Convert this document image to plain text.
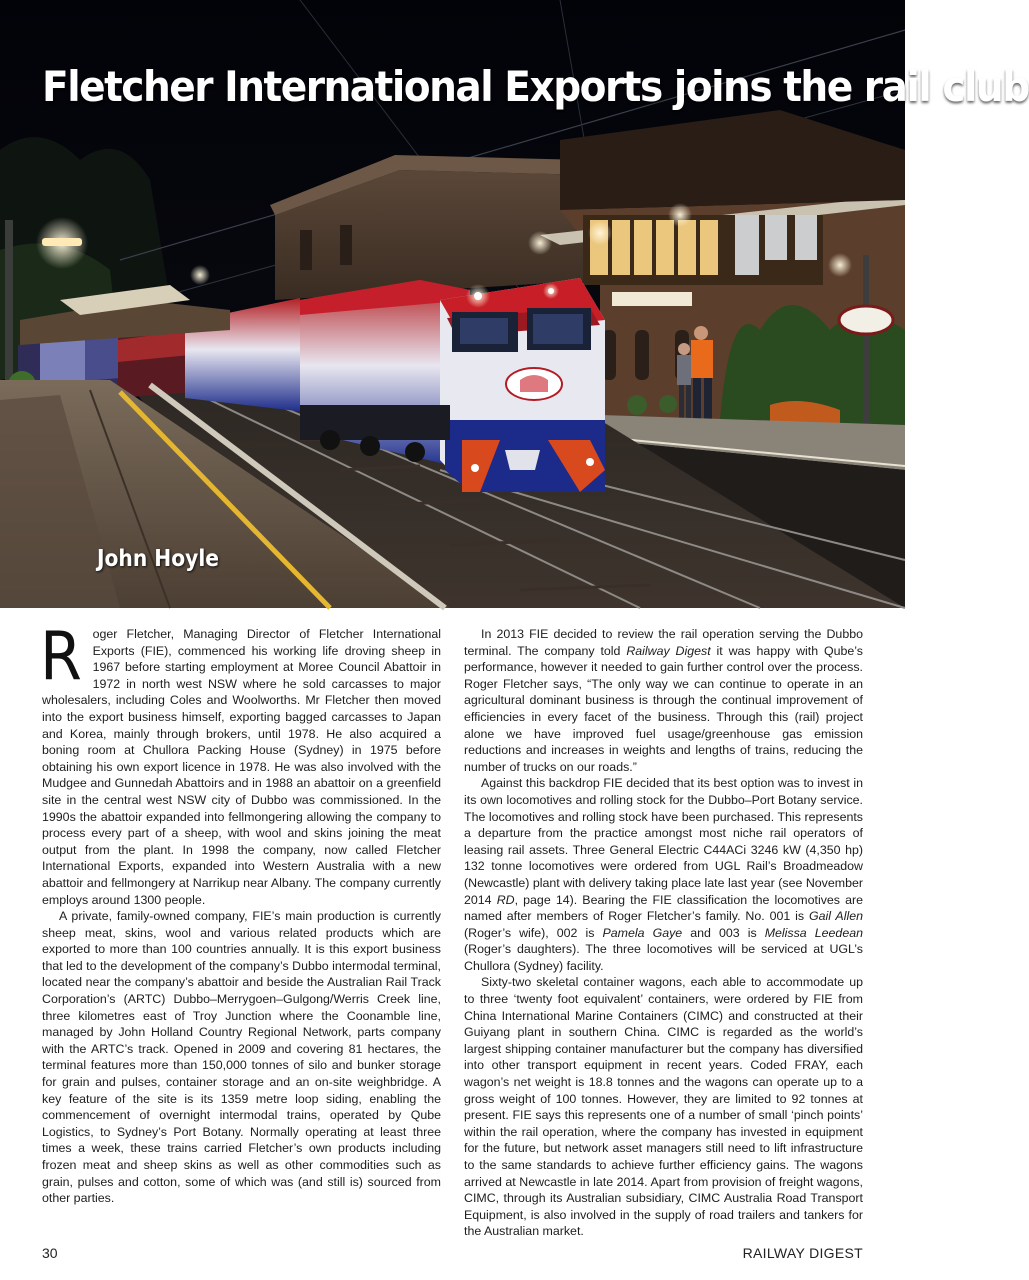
Fletcher International Exports joins the rail club
John Hoyle

Roger Fletcher, Managing Director of Fletcher International Exports (FIE), commenced his working life droving sheep in 1967 before starting employment at Moree Council Abattoir in 1972 in north west NSW where he sold carcasses to major wholesalers, including Coles and Woolworths. Mr Fletcher then moved into the export business himself, exporting bagged carcasses to Japan and Korea, mainly through brokers, until 1978. He also acquired a boning room at Chullora Packing House (Sydney) in 1975 before obtaining his own export licence in 1978. He was also involved with the Mudgee and Gunnedah Abattoirs and in 1988 an abattoir on a greenfield site in the central west NSW city of Dubbo was commissioned. In the 1990s the abattoir expanded into fellmongering allowing the company to process every part of a sheep, with wool and skins joining the meat output from the plant. In 1998 the company, now called Fletcher International Exports, expanded into Western Australia with a new abattoir and fellmongery at Narrikup near Albany. The company currently employs around 1300 people.

A private, family-owned company, FIE’s main production is currently sheep meat, skins, wool and various related products which are exported to more than 100 countries annually. It is this export business that led to the development of the company’s Dubbo intermodal terminal, located near the company’s abattoir and beside the Australian Rail Track Corporation’s (ARTC) Dubbo–Merrygoen–Gulgong/Werris Creek line, three kilometres east of Troy Junction where the Coonamble line, managed by John Holland Country Regional Network, parts company with the ARTC’s track. Opened in 2009 and covering 81 hectares, the terminal features more than 150,000 tonnes of silo and bunker storage for grain and pulses, container storage and an on-site weighbridge. A key feature of the site is its 1359 metre loop siding, enabling the commencement of overnight intermodal trains, operated by Qube Logistics, to Sydney’s Port Botany. Normally operating at least three times a week, these trains carried Fletcher’s own products including frozen meat and sheep skins as well as other commodities such as grain, pulses and cotton, some of which was (and still is) sourced from other parties.

In 2013 FIE decided to review the rail operation serving the Dubbo terminal. The company told Railway Digest it was happy with Qube’s performance, however it needed to gain further control over the process. Roger Fletcher says, “The only way we can continue to operate in an agricultural dominant business is through the continual improvement of efficiencies in every facet of the business. Through this (rail) project alone we have improved fuel usage/greenhouse gas emission reductions and increases in weights and lengths of trains, reducing the number of trucks on our roads.”

Against this backdrop FIE decided that its best option was to invest in its own locomotives and rolling stock for the Dubbo–Port Botany service. The locomotives and rolling stock have been purchased. This represents a departure from the practice amongst most niche rail operators of leasing rail assets. Three General Electric C44ACi 3246 kW (4,350 hp) 132 tonne locomotives were ordered from UGL Rail’s Broadmeadow (Newcastle) plant with delivery taking place late last year (see November 2014 RD, page 14). Bearing the FIE classification the locomotives are named after members of Roger Fletcher’s family. No. 001 is Gail Allen (Roger’s wife), 002 is Pamela Gaye and 003 is Melissa Leedean (Roger’s daughters). The three locomotives will be serviced at UGL’s Chullora (Sydney) facility.

Sixty-two skeletal container wagons, each able to accommodate up to three ‘twenty foot equivalent’ containers, were ordered by FIE from China International Marine Containers (CIMC) and constructed at their Guiyang plant in southern China. CIMC is regarded as the world’s largest shipping container manufacturer but the company has diversified into other transport equipment in recent years. Coded FRAY, each wagon’s net weight is 18.8 tonnes and the wagons can operate up to a gross weight of 100 tonnes. However, they are limited to 92 tonnes at present. FIE says this represents one of a number of small ‘pinch points’ within the rail operation, where the company has invested in equipment for the future, but network asset managers still need to lift infrastructure to the same standards to achieve further efficiency gains. The wagons arrived at Newcastle in late 2014. Apart from provision of freight wagons, CIMC, through its Australian subsidiary, CIMC Australia Road Transport Equipment, is also involved in the supply of road trailers and tankers for the Australian market.

30	RAILWAY DIGEST
